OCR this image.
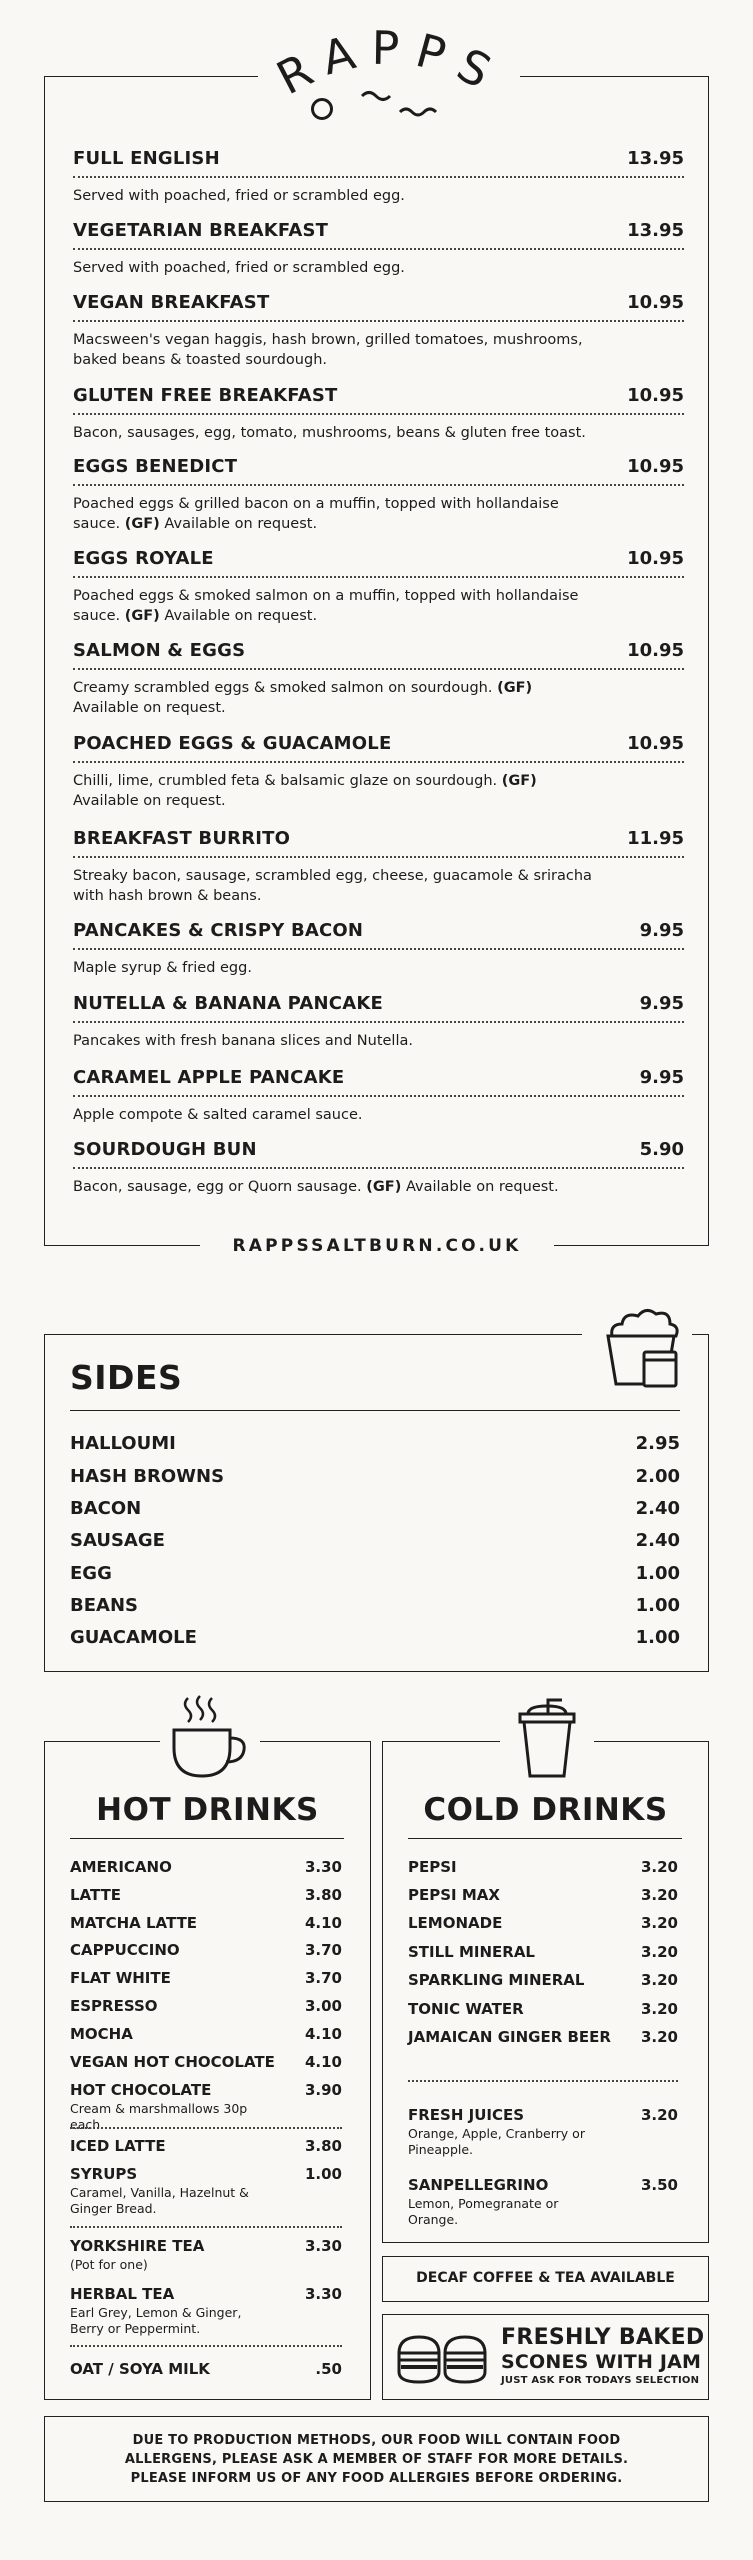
RAPPS
FULL ENGLISH	13.95
Served with poached, fried or scrambled egg.
VEGETARIAN BREAKFAST	13.95
Served with poached, fried or scrambled egg.
VEGAN BREAKFAST	10.95
Macsween's vegan haggis, hash brown, grilled tomatoes, mushrooms, baked beans & toasted sourdough.
GLUTEN FREE BREAKFAST	10.95
Bacon, sausages, egg, tomato, mushrooms, beans & gluten free toast.
EGGS BENEDICT	10.95
Poached eggs & grilled bacon on a muffin, topped with hollandaise sauce. (GF) Available on request.
EGGS ROYALE	10.95
Poached eggs & smoked salmon on a muffin, topped with hollandaise sauce. (GF) Available on request.
SALMON & EGGS	10.95
Creamy scrambled eggs & smoked salmon on sourdough. (GF) Available on request.
POACHED EGGS & GUACAMOLE	10.95
Chilli, lime, crumbled feta & balsamic glaze on sourdough. (GF) Available on request.
BREAKFAST BURRITO	11.95
Streaky bacon, sausage, scrambled egg, cheese, guacamole & sriracha with hash brown & beans.
PANCAKES & CRISPY BACON	9.95
Maple syrup & fried egg.
NUTELLA & BANANA PANCAKE	9.95
Pancakes with fresh banana slices and Nutella.
CARAMEL APPLE PANCAKE	9.95
Apple compote & salted caramel sauce.
SOURDOUGH BUN	5.90
Bacon, sausage, egg or Quorn sausage. (GF) Available on request.
RAPPSSALTBURN.CO.UK
SIDES
HALLOUMI	2.95
HASH BROWNS	2.00
BACON	2.40
SAUSAGE	2.40
EGG	1.00
BEANS	1.00
GUACAMOLE	1.00
HOT DRINKS
AMERICANO	3.30
LATTE	3.80
MATCHA LATTE	4.10
CAPPUCCINO	3.70
FLAT WHITE	3.70
ESPRESSO	3.00
MOCHA	4.10
VEGAN HOT CHOCOLATE 4.10
HOT CHOCOLATE	3.90
Cream & marshmallows 30p each.
ICED LATTE	3.80
SYRUPS	1.00
Caramel, Vanilla, Hazelnut & Ginger Bread.
YORKSHIRE TEA	3.30
(Pot for one)
HERBAL TEA	3.30
Earl Grey, Lemon & Ginger, Berry or Peppermint.
OAT / SOYA MILK	.50
COLD DRINKS
PEPSI	3.20
PEPSI MAX	3.20
LEMONADE	3.20
STILL MINERAL	3.20
SPARKLING MINERAL	3.20
TONIC WATER	3.20
JAMAICAN GINGER BEER 3.20
FRESH JUICES	3.20
Orange, Apple, Cranberry or Pineapple.
SANPELLEGRINO	3.50
Lemon, Pomegranate or Orange.
DECAF COFFEE & TEA AVAILABLE
FRESHLY BAKED
SCONES WITH JAM
JUST ASK FOR TODAYS SELECTION

DUE TO PRODUCTION METHODS, OUR FOOD WILL CONTAIN FOOD ALLERGENS, PLEASE ASK A MEMBER OF STAFF FOR MORE DETAILS. PLEASE INFORM US OF ANY FOOD ALLERGIES BEFORE ORDERING.
